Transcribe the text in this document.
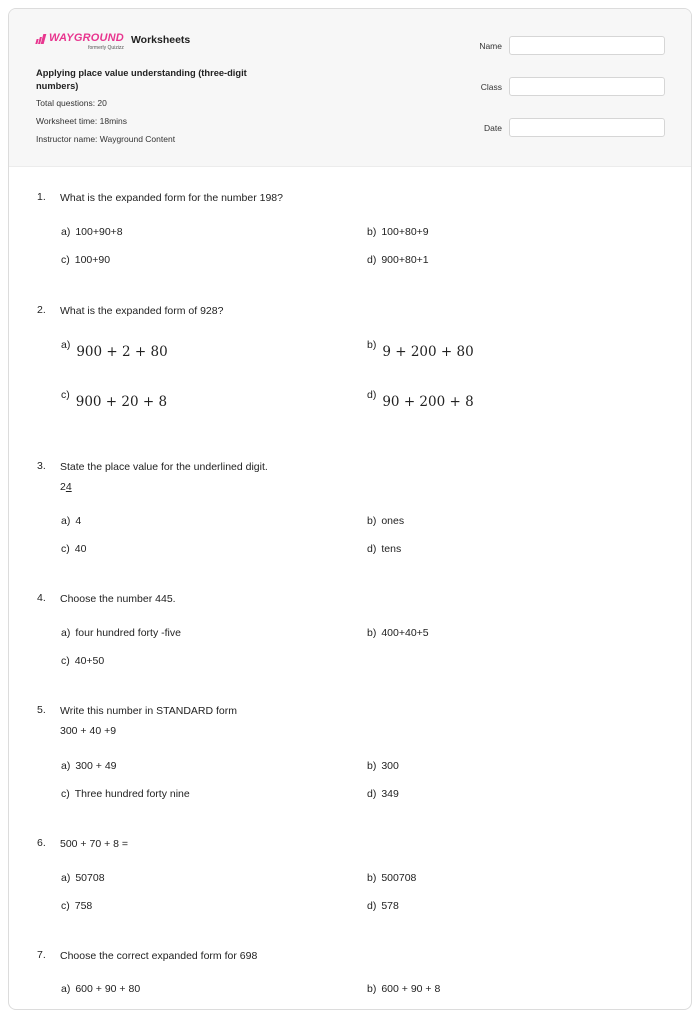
WAYGROUND
formerly Quizizz
Worksheets
Applying place value understanding (three-digit numbers)
Total questions: 20
Worksheet time: 18mins
Instructor name: Wayground Content
Name
Class
Date
1. What is the expanded form for the number 198?
a) 100+90+8	b) 100+80+9
c) 100+90	d) 900+80+1
2. What is the expanded form of 928?
a) 900 + 2 + 80	b) 9 + 200 + 80
c) 900 + 20 + 8	d) 90 + 200 + 8
3. State the place value for the underlined digit.
24
a) 4	b) ones
c) 40	d) tens
4. Choose the number 445.
a) four hundred forty -five	b) 400+40+5
c) 40+50
5. Write this number in STANDARD form
300 + 40 +9
a) 300 + 49	b) 300
c) Three hundred forty nine	d) 349
6. 500 + 70 + 8 =
a) 50708	b) 500708
c) 758	d) 578
7. Choose the correct expanded form for 698
a) 600 + 90 + 80	b) 600 + 90 + 8
